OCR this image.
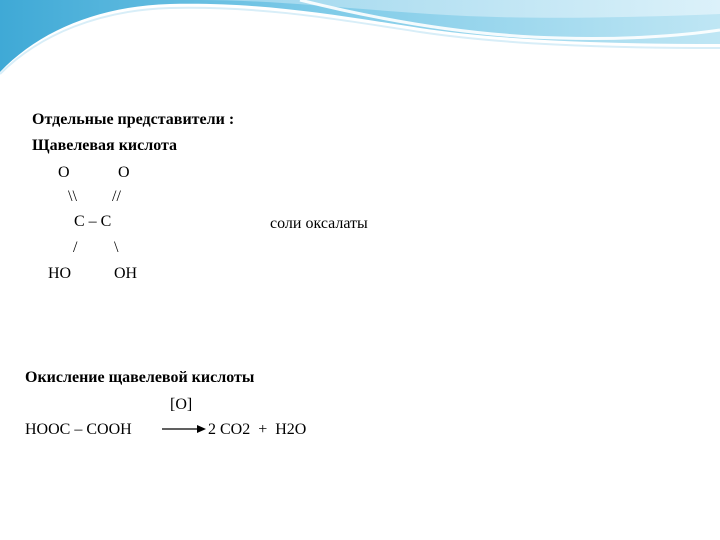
Отдельные представители :
Щавелевая кислота
O	O
\\ //
C – C	соли оксалаты
/ \
HO	OH
Окисление щавелевой кислоты
[O]
HOOC – COOH → 2 CO2  +  H2O
